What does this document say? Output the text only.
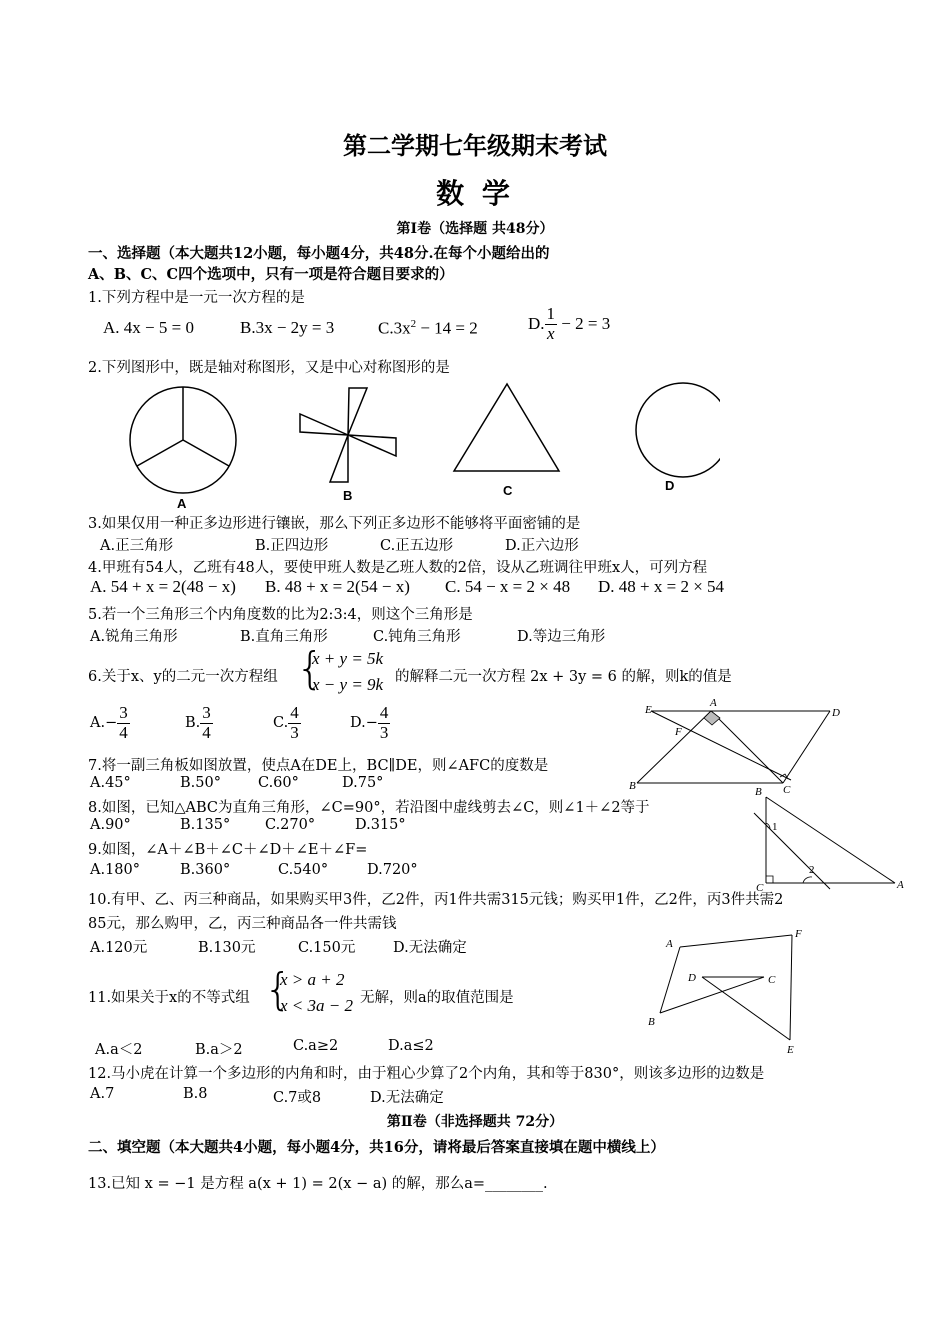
第二学期七年级期末考试
数 学
第Ⅰ卷（选择题 共48分）
一、选择题（本大题共12小题，每小题4分，共48分.在每个小题给出的
A、B、C、C四个选项中，只有一项是符合题目要求的）
1.下列方程中是一元一次方程的是
A. 4x − 5 = 0	B.3x − 2y = 3	$C.3x^2 - 14 = 2$	D. $\frac{1}{x} - 2 = 3$
2.下列图形中，既是轴对称图形，又是中心对称图形的是
A
B	C	D
3.如果仅用一种正多边形进行镶嵌，那么下列正多边形不能够将平面密铺的是
A.正三角形	B.正四边形	C.正五边形	D.正六边形
4.甲班有54人，乙班有48人，要使甲班人数是乙班人数的2倍，设从乙班调往甲班x人，可列方程
A. 54 + x = 2(48 − x) B. 48 + x = 2(54 − x) C. 54 − x = 2 × 48 D. 48 + x = 2 × 54
5.若一个三角形三个内角度数的比为2:3:4，则这个三角形是
A.锐角三角形	B.直角三角形	C.钝角三角形	D.等边三角形
6.关于x、y的二元一次方程组 {
x + y = 5k
x − y = 9k 的解释二元一次方程 2x + 3y = 6 的解，则k的值是
$A.- \frac{3}{4}$	B. $\frac{3}{4}$	C. $\frac{4}{3}$	$D.- \frac{4}{3}$	E	D
A
F
B	C
7.将一副三角板如图放置，使点A在DE上，BC∥DE，则∠AFC的度数是
A.45°	B.50°	C.60°	D.75°
8.如图，已知△ABC为直角三角形，∠C=90°，若沿图中虚线剪去∠C，则∠1＋∠2等于
A.90°	B.135° C.270°	D.315°
B
1
2
C	A
9.如图，∠A＋∠B＋∠C＋∠D＋∠E＋∠F=
A.180°	B.360°	C.540°	D.720°
10.有甲、乙、丙三种商品，如果购买甲3件，乙2件，丙1件共需315元钱；购买甲1件，乙2件，丙3件共需2
85元，那么购甲，乙，丙三种商品各一件共需钱
A.120元	B.130元	C.150元	D.无法确定	A
F
D	C
B
E
11.如果关于x的不等式组 {
x > a + 2
x < 3a − 2 无解，则a的取值范围是
A.a＜2	B.a＞2	C.a≥2	D.a≤2
12.马小虎在计算一个多边形的内角和时，由于粗心少算了2个内角，其和等于830°，则该多边形的边数是
A.7	B.8	C.7或8	D.无法确定
第Ⅱ卷（非选择题共 72分）
二、填空题（本大题共4小题，每小题4分，共16分，请将最后答案直接填在题中横线上）
13.已知 x = −1 是方程 a(x + 1) = 2(x − a) 的解，那么a=________.
